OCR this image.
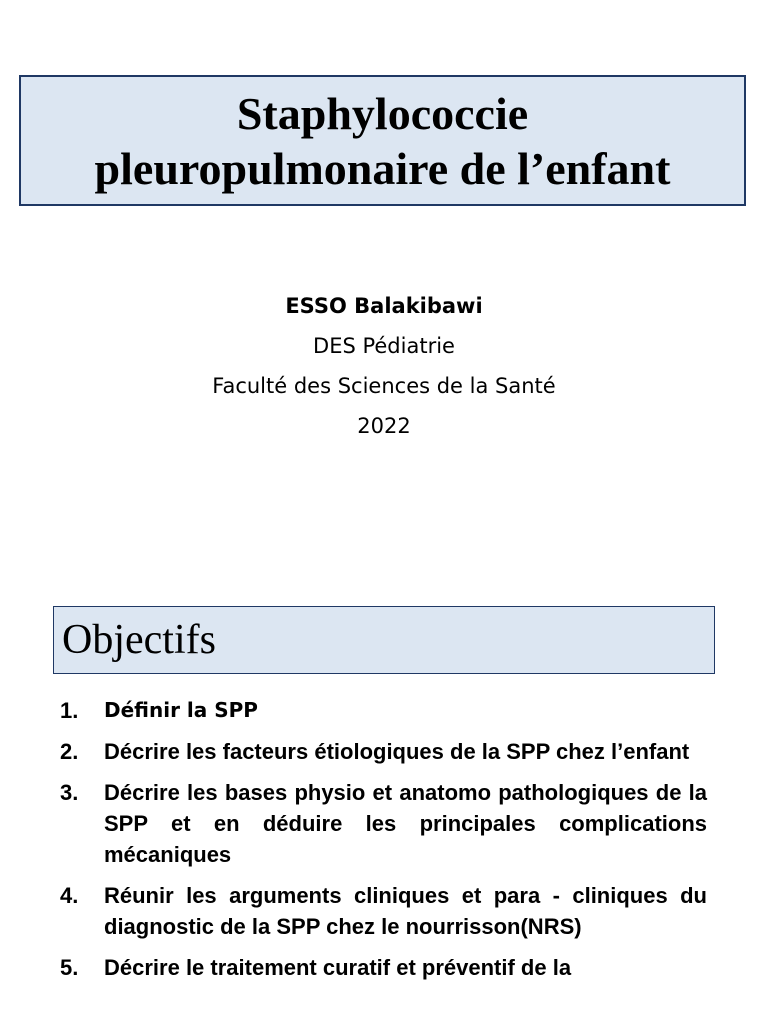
Staphylococcie
pleuropulmonaire de l’enfant
ESSO Balakibawi
DES Pédiatrie
Faculté des Sciences de la Santé
2022
Objectifs
1.	Définir la SPP
2.	Décrire les facteurs étiologiques de la SPP chez l’enfant
3.	Décrire les bases physio et anatomo pathologiques de la SPP et en déduire les principales complications mécaniques
4.	Réunir les arguments cliniques et para - cliniques du diagnostic de la SPP chez le nourrisson(NRS)
5.	Décrire le traitement curatif et préventif de la
